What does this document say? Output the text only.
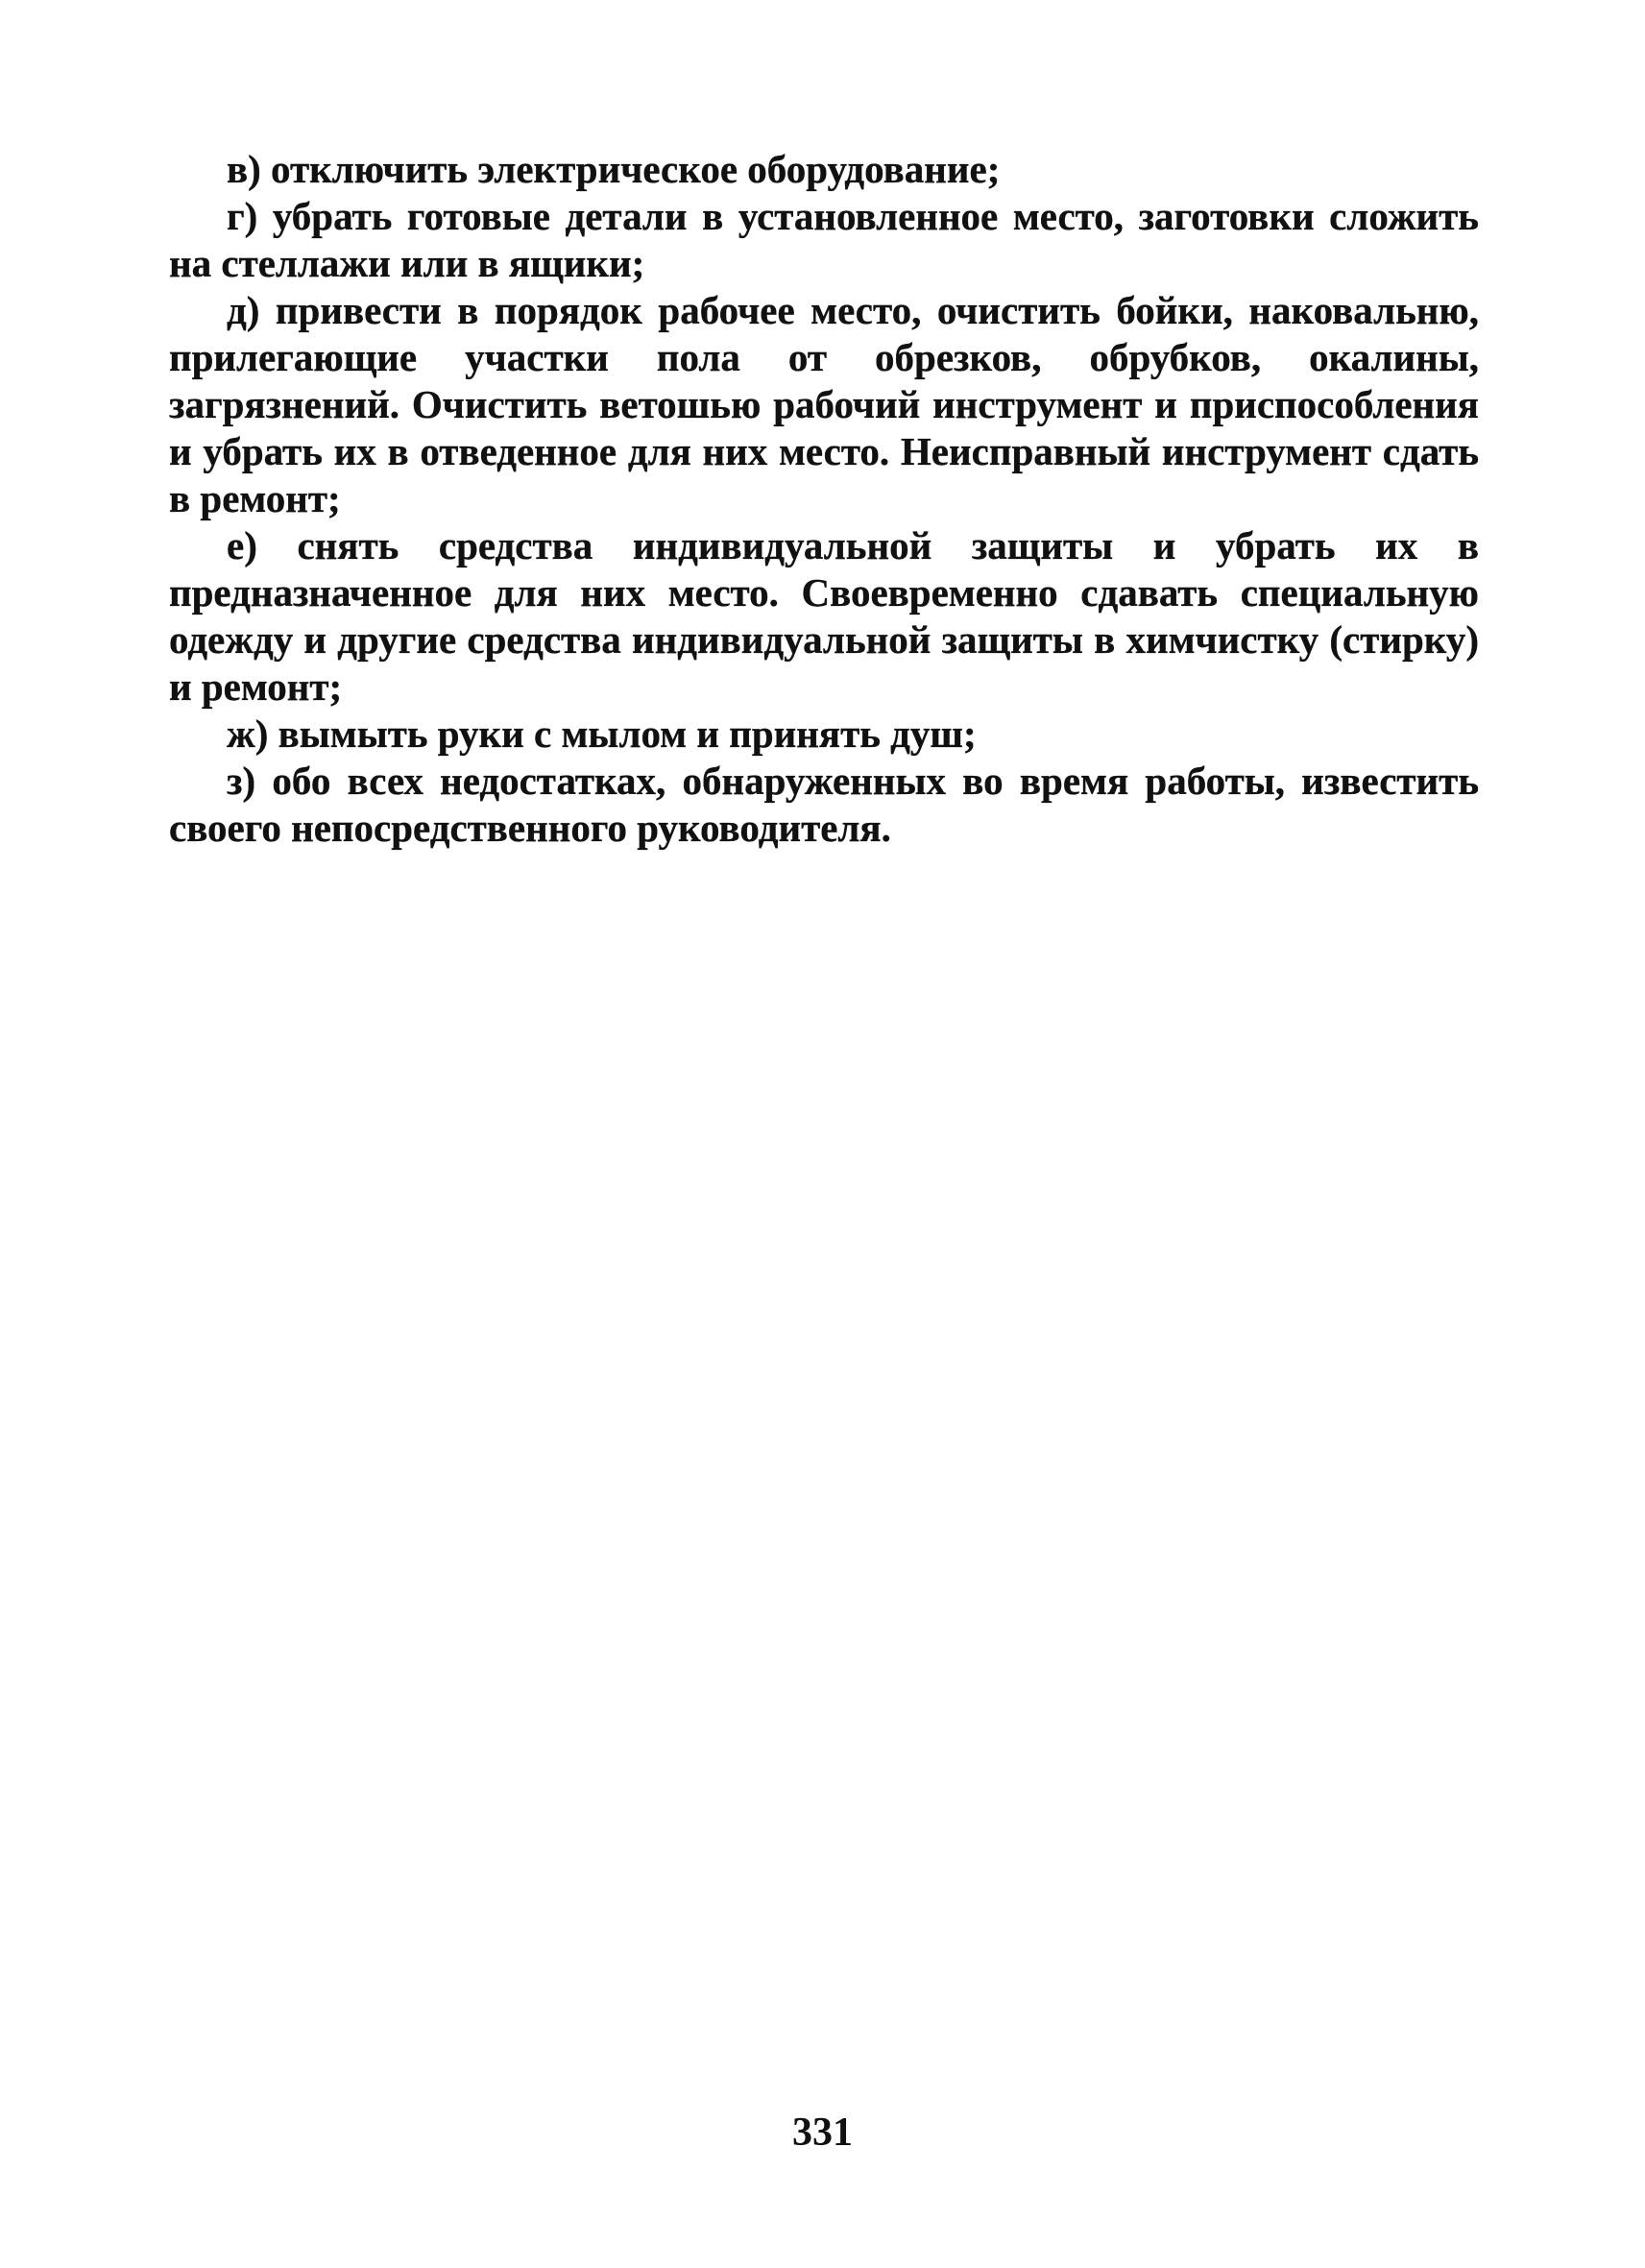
в) отключить электрическое оборудование;

г) убрать готовые детали в установленное место, заготовки сложить на стеллажи или в ящики;

д) привести в порядок рабочее место, очистить бойки, наковальню, прилегающие участки пола от обрезков, обрубков, окалины, загрязнений. Очистить ветошью рабочий инструмент и приспособления и убрать их в отведенное для них место. Неисправный инструмент сдать в ремонт;

е) снять средства индивидуальной защиты и убрать их в предназначенное для них место. Своевременно сдавать специальную одежду и другие средства индивидуальной защиты в химчистку (стирку) и ремонт;

ж) вымыть руки с мылом и принять душ;

з) обо всех недостатках, обнаруженных во время работы, известить своего непосредственного руководителя.

331
